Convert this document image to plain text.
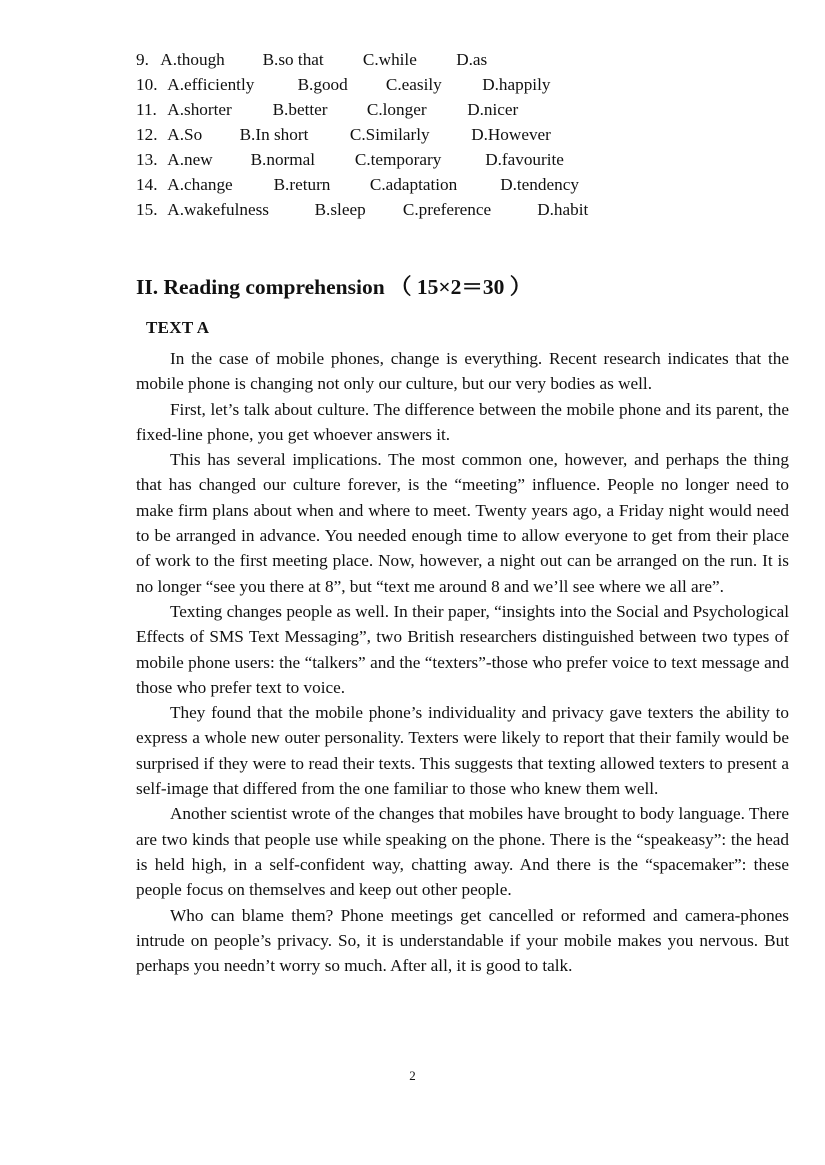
9. A.though B.so that C.while D.as
10. A.efficiently	B.good C.easily D.happily
11. A.shorter B.better C.longer D.nicer
12. A.So B.In short C.Similarly D.However
13. A.new B.normal C.temporary	D.favourite
14. A.change B.return C.adaptation D.tendency
15. A.wakefulness	B.sleep C.preference	D.habit
II. Reading comprehension （ 15×2＝30 ）
TEXT A

In the case of mobile phones, change is everything. Recent research indicates that the mobile phone is changing not only our culture, but our very bodies as well.

First, let’s talk about culture. The difference between the mobile phone and its parent, the fixed-line phone, you get whoever answers it.

This has several implications. The most common one, however, and perhaps the thing that has changed our culture forever, is the “meeting” influence. People no longer need to make firm plans about when and where to meet. Twenty years ago, a Friday night would need to be arranged in advance. You needed enough time to allow everyone to get from their place of work to the first meeting place. Now, however, a night out can be arranged on the run. It is no longer “see you there at 8”, but “text me around 8 and we’ll see where we all are”.

Texting changes people as well. In their paper, “insights into the Social and Psychological Effects of SMS Text Messaging”, two British researchers distinguished between two types of mobile phone users: the “talkers” and the “texters”-those who prefer voice to text message and those who prefer text to voice.

They found that the mobile phone’s individuality and privacy gave texters the ability to express a whole new outer personality. Texters were likely to report that their family would be surprised if they were to read their texts. This suggests that texting allowed texters to present a self-image that differed from the one familiar to those who knew them well.

Another scientist wrote of the changes that mobiles have brought to body language. There are two kinds that people use while speaking on the phone. There is the “speakeasy”: the head is held high, in a self-confident way, chatting away. And there is the “spacemaker”: these people focus on themselves and keep out other people.

Who can blame them? Phone meetings get cancelled or reformed and camera-phones intrude on people’s privacy. So, it is understandable if your mobile makes you nervous. But perhaps you needn’t worry so much. After all, it is good to talk.

2
